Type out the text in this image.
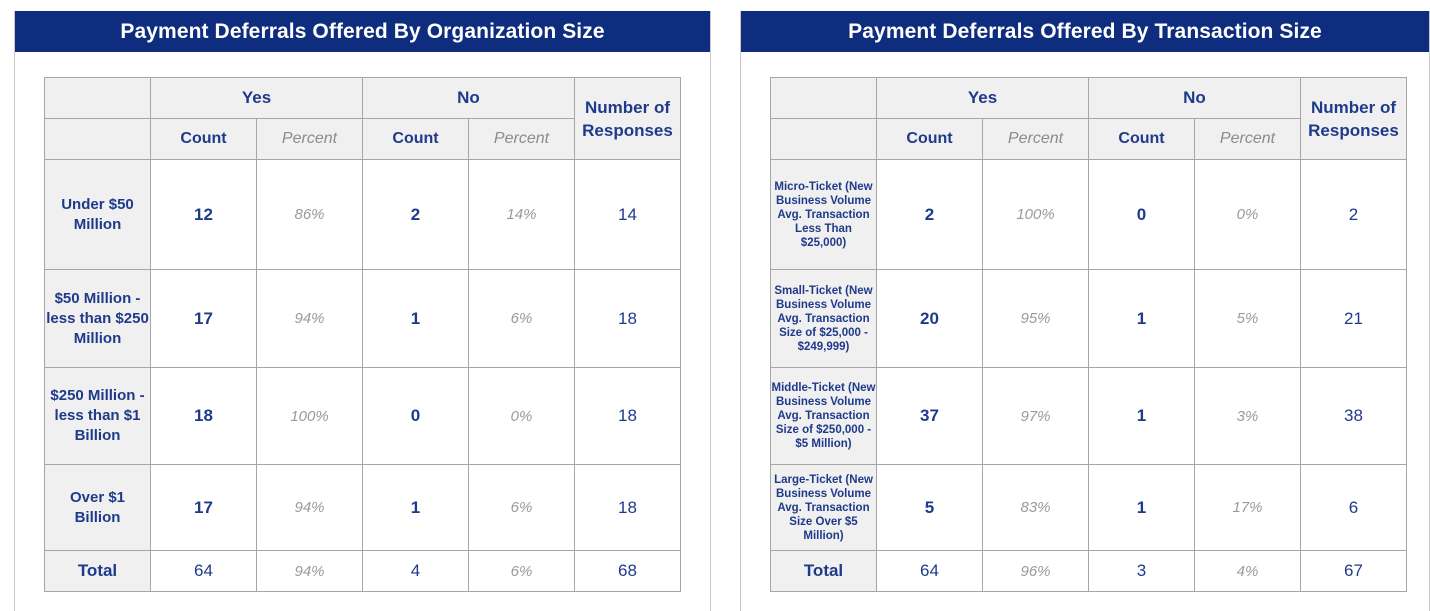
Payment Deferrals Offered By Organization Size
	Yes		No		Number of Responses
	Count	Percent	Count	Percent	
Under $50 Million	12	86%	2	14%	14
$50 Million - less than $250 Million	17	94%	1	6%	18
$250 Million - less than $1 Billion	18	100%	0	0%	18
Over $1 Billion	17	94%	1	6%	18
Total	64	94%	4	6%	68
Payment Deferrals Offered By Transaction Size
	Yes		No		Number of Responses
	Count	Percent	Count	Percent	
Micro-Ticket (New Business Volume Avg. Transaction Less Than $25,000)	2	100%	0	0%	2
Small-Ticket (New Business Volume Avg. Transaction Size of $25,000 - $249,999)	20	95%	1	5%	21
Middle-Ticket (New Business Volume Avg. Transaction Size of $250,000 - $5 Million)	37	97%	1	3%	38
Large-Ticket (New Business Volume Avg. Transaction Size Over $5 Million)	5	83%	1	17%	6
Total	64	96%	3	4%	67
